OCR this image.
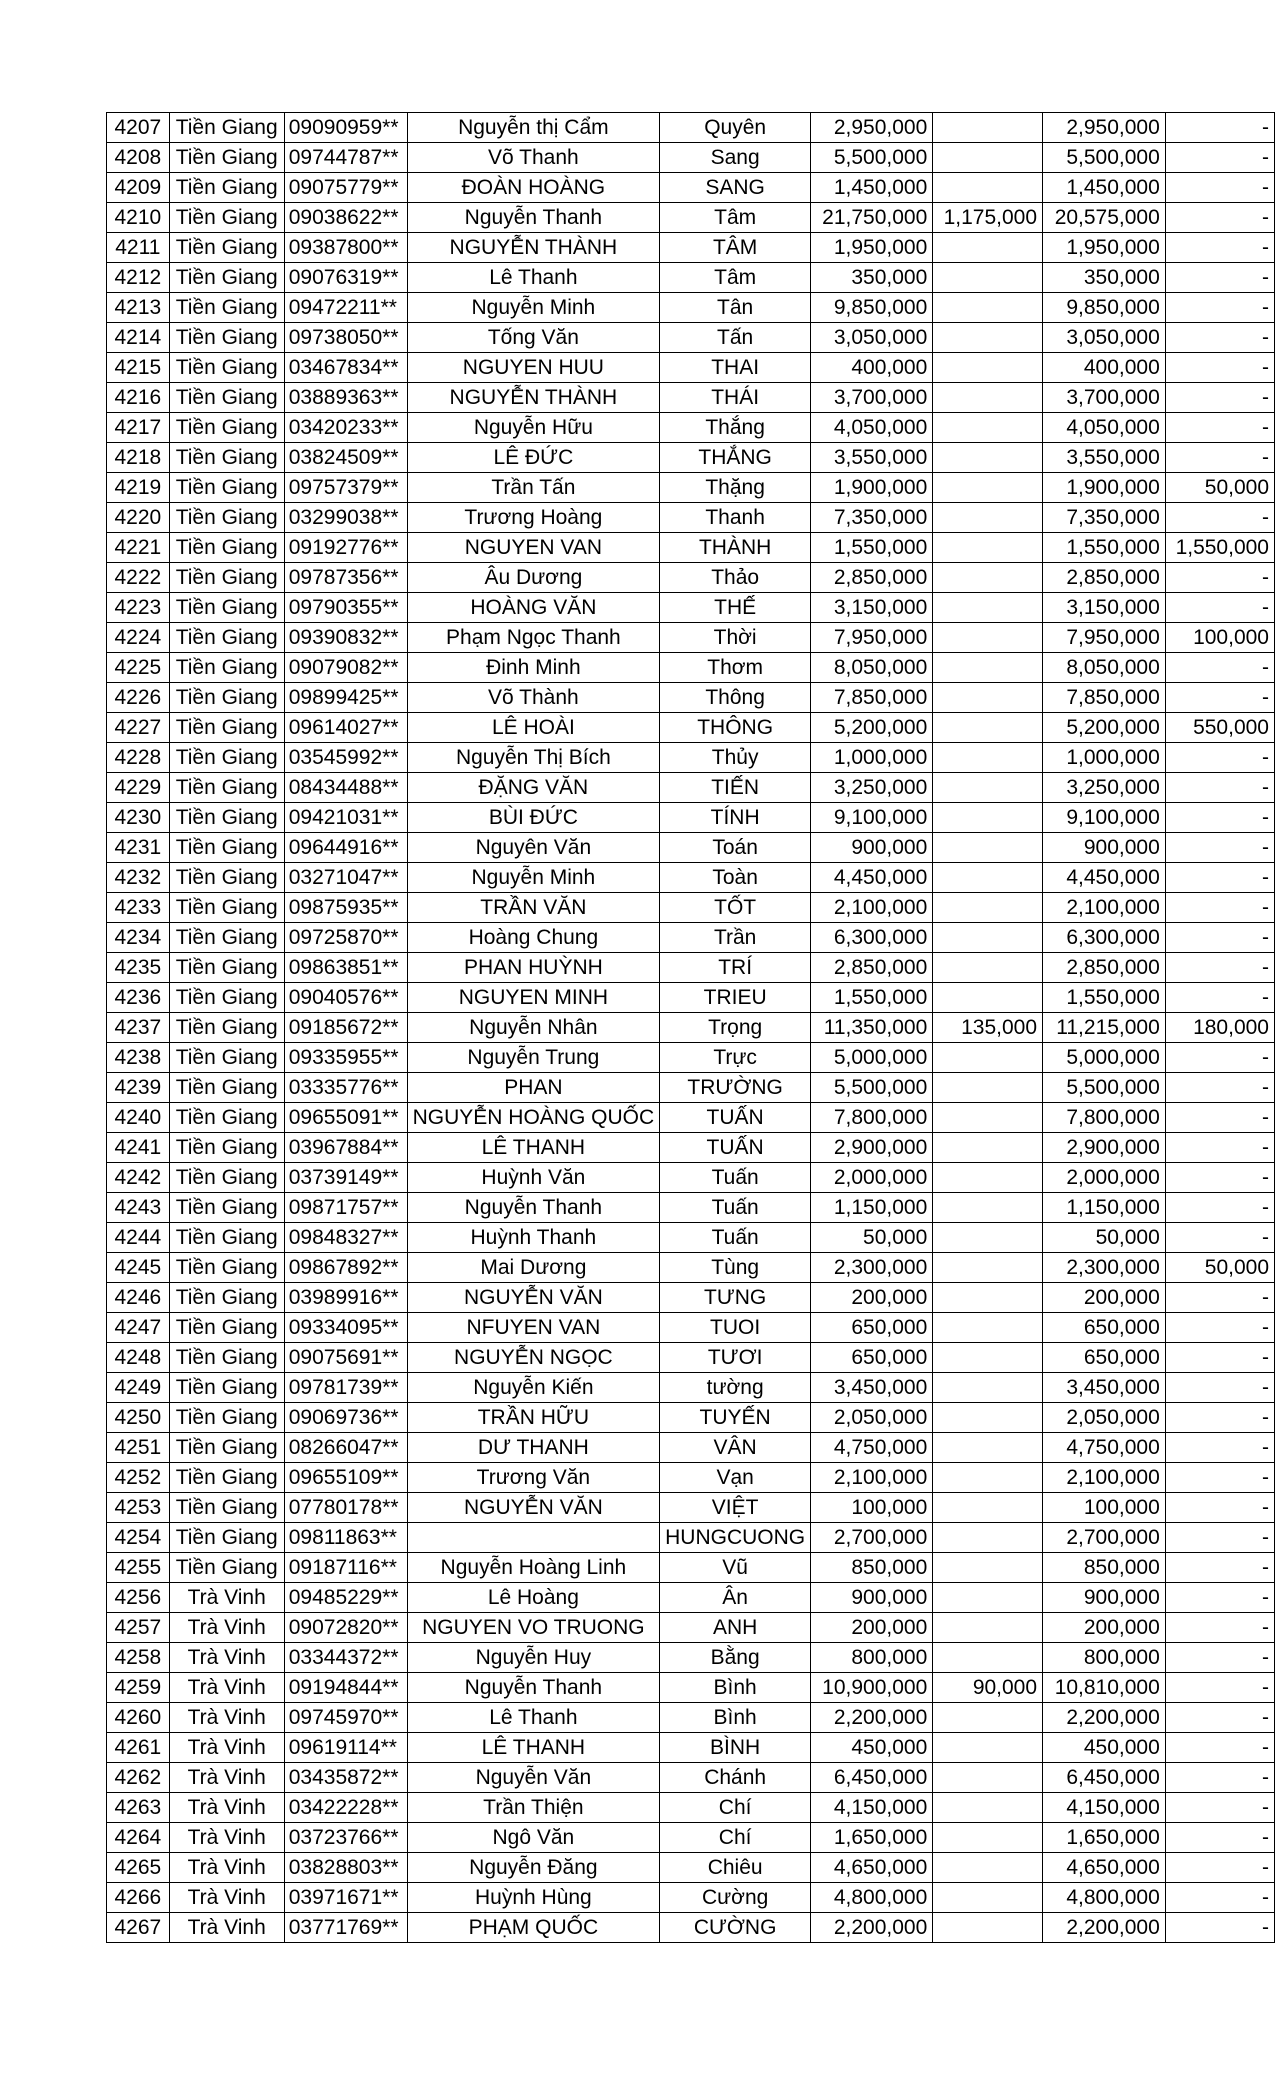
4207	Tiền Giang	09090959**	Nguyễn thị Cẩm	Quyên	2,950,000		2,950,000	-
4208	Tiền Giang	09744787**	Võ Thanh	Sang	5,500,000		5,500,000	-
4209	Tiền Giang	09075779**	ĐOÀN HOÀNG	SANG	1,450,000		1,450,000	-
4210	Tiền Giang	09038622**	Nguyễn Thanh	Tâm	21,750,000	1,175,000	20,575,000	-
4211	Tiền Giang	09387800**	NGUYỄN THÀNH	TÂM	1,950,000		1,950,000	-
4212	Tiền Giang	09076319**	Lê Thanh	Tâm	350,000		350,000	-
4213	Tiền Giang	09472211**	Nguyễn Minh	Tân	9,850,000		9,850,000	-
4214	Tiền Giang	09738050**	Tống Văn	Tấn	3,050,000		3,050,000	-
4215	Tiền Giang	03467834**	NGUYEN HUU	THAI	400,000		400,000	-
4216	Tiền Giang	03889363**	NGUYỄN THÀNH	THÁI	3,700,000		3,700,000	-
4217	Tiền Giang	03420233**	Nguyễn Hữu	Thắng	4,050,000		4,050,000	-
4218	Tiền Giang	03824509**	LÊ ĐỨC	THẮNG	3,550,000		3,550,000	-
4219	Tiền Giang	09757379**	Trần Tấn	Thặng	1,900,000		1,900,000	50,000
4220	Tiền Giang	03299038**	Trương Hoàng	Thanh	7,350,000		7,350,000	-
4221	Tiền Giang	09192776**	NGUYEN VAN	THÀNH	1,550,000		1,550,000	1,550,000
4222	Tiền Giang	09787356**	Âu Dương	Thảo	2,850,000		2,850,000	-
4223	Tiền Giang	09790355**	HOÀNG VĂN	THẾ	3,150,000		3,150,000	-
4224	Tiền Giang	09390832**	Phạm Ngọc Thanh	Thời	7,950,000		7,950,000	100,000
4225	Tiền Giang	09079082**	Đinh Minh	Thơm	8,050,000		8,050,000	-
4226	Tiền Giang	09899425**	Võ Thành	Thông	7,850,000		7,850,000	-
4227	Tiền Giang	09614027**	LÊ HOÀI	THÔNG	5,200,000		5,200,000	550,000
4228	Tiền Giang	03545992**	Nguyễn Thị Bích	Thủy	1,000,000		1,000,000	-
4229	Tiền Giang	08434488**	ĐẶNG VĂN	TIẾN	3,250,000		3,250,000	-
4230	Tiền Giang	09421031**	BÙI ĐỨC	TÍNH	9,100,000		9,100,000	-
4231	Tiền Giang	09644916**	Nguyên Văn	Toán	900,000		900,000	-
4232	Tiền Giang	03271047**	Nguyễn Minh	Toàn	4,450,000		4,450,000	-
4233	Tiền Giang	09875935**	TRẦN VĂN	TỐT	2,100,000		2,100,000	-
4234	Tiền Giang	09725870**	Hoàng Chung	Trần	6,300,000		6,300,000	-
4235	Tiền Giang	09863851**	PHAN HUỲNH	TRÍ	2,850,000		2,850,000	-
4236	Tiền Giang	09040576**	NGUYEN MINH	TRIEU	1,550,000		1,550,000	-
4237	Tiền Giang	09185672**	Nguyễn Nhân	Trọng	11,350,000	135,000	11,215,000	180,000
4238	Tiền Giang	09335955**	Nguyễn Trung	Trực	5,000,000		5,000,000	-
4239	Tiền Giang	03335776**	PHAN	TRƯỜNG	5,500,000		5,500,000	-
4240	Tiền Giang	09655091**	NGUYỄN HOÀNG QUỐC	TUẤN	7,800,000		7,800,000	-
4241	Tiền Giang	03967884**	LÊ THANH	TUẤN	2,900,000		2,900,000	-
4242	Tiền Giang	03739149**	Huỳnh Văn	Tuấn	2,000,000		2,000,000	-
4243	Tiền Giang	09871757**	Nguyễn Thanh	Tuấn	1,150,000		1,150,000	-
4244	Tiền Giang	09848327**	Huỳnh Thanh	Tuấn	50,000		50,000	-
4245	Tiền Giang	09867892**	Mai Dương	Tùng	2,300,000		2,300,000	50,000
4246	Tiền Giang	03989916**	NGUYỄN VĂN	TƯNG	200,000		200,000	-
4247	Tiền Giang	09334095**	NFUYEN VAN	TUOI	650,000		650,000	-
4248	Tiền Giang	09075691**	NGUYỄN NGỌC	TƯƠI	650,000		650,000	-
4249	Tiền Giang	09781739**	Nguyễn Kiến	tường	3,450,000		3,450,000	-
4250	Tiền Giang	09069736**	TRẦN HỮU	TUYẾN	2,050,000		2,050,000	-
4251	Tiền Giang	08266047**	DƯ THANH	VÂN	4,750,000		4,750,000	-
4252	Tiền Giang	09655109**	Trương Văn	Vạn	2,100,000		2,100,000	-
4253	Tiền Giang	07780178**	NGUYỄN VĂN	VIỆT	100,000		100,000	-
4254	Tiền Giang	09811863**		HUNGCUONG	2,700,000		2,700,000	-
4255	Tiền Giang	09187116**	Nguyễn Hoàng Linh	Vũ	850,000		850,000	-
4256	Trà Vinh	09485229**	Lê Hoàng	Ân	900,000		900,000	-
4257	Trà Vinh	09072820**	NGUYEN VO TRUONG	ANH	200,000		200,000	-
4258	Trà Vinh	03344372**	Nguyễn Huy	Bằng	800,000		800,000	-
4259	Trà Vinh	09194844**	Nguyễn Thanh	Bình	10,900,000	90,000	10,810,000	-
4260	Trà Vinh	09745970**	Lê Thanh	Bình	2,200,000		2,200,000	-
4261	Trà Vinh	09619114**	LÊ THANH	BÌNH	450,000		450,000	-
4262	Trà Vinh	03435872**	Nguyễn Văn	Chánh	6,450,000		6,450,000	-
4263	Trà Vinh	03422228**	Trần Thiện	Chí	4,150,000		4,150,000	-
4264	Trà Vinh	03723766**	Ngô Văn	Chí	1,650,000		1,650,000	-
4265	Trà Vinh	03828803**	Nguyễn Đăng	Chiêu	4,650,000		4,650,000	-
4266	Trà Vinh	03971671**	Huỳnh Hùng	Cường	4,800,000		4,800,000	-
4267	Trà Vinh	03771769**	PHẠM QUỐC	CƯỜNG	2,200,000		2,200,000	-
